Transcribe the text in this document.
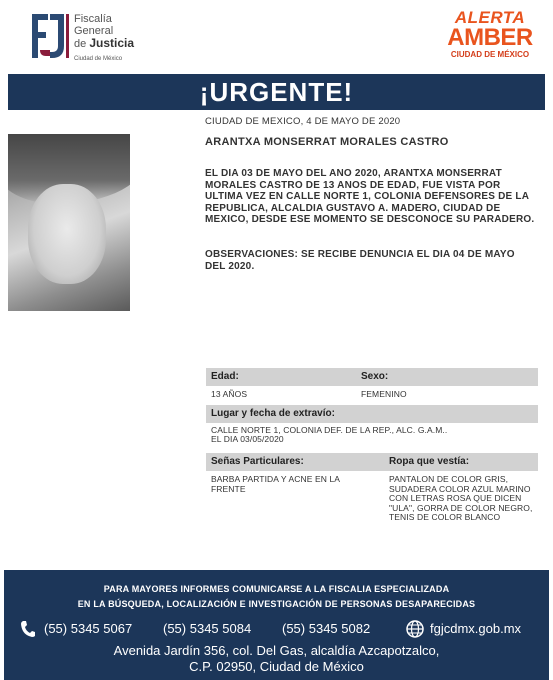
Fiscalía
General
de Justicia
Ciudad de México
ALERTA
AMBER
CIUDAD DE MÉXICO
¡URGENTE!
CIUDAD DE MEXICO, 4 DE MAYO DE 2020
ARANTXA MONSERRAT MORALES CASTRO
EL DIA 03 DE MAYO DEL ANO 2020, ARANTXA MONSERRAT MORALES CASTRO DE 13 ANOS DE EDAD, FUE VISTA POR ULTIMA VEZ EN CALLE NORTE 1, COLONIA DEFENSORES DE LA REPUBLICA, ALCALDIA GUSTAVO A. MADERO, CIUDAD DE MEXICO, DESDE ESE MOMENTO SE DESCONOCE SU PARADERO.
OBSERVACIONES: SE RECIBE DENUNCIA EL DIA 04 DE MAYO DEL 2020.
Edad:	Sexo:
13 AÑOS	FEMENINO
Lugar y fecha de extravío:
CALLE NORTE 1, COLONIA DEF. DE LA REP., ALC. G.A.M..
EL DIA 03/05/2020
Señas Particulares:	Ropa que vestía:
BARBA PARTIDA Y ACNE EN LA FRENTE
PANTALON DE COLOR GRIS, SUDADERA COLOR AZUL MARINO CON LETRAS ROSA QUE DICEN "ULA", GORRA DE COLOR NEGRO, TENIS DE COLOR BLANCO
PARA MAYORES INFORMES COMUNICARSE A LA FISCALIA ESPECIALIZADA
EN LA BÚSQUEDA, LOCALIZACIÓN E INVESTIGACIÓN DE PERSONAS DESAPARECIDAS
(55) 5345 5067 (55) 5345 5084 (55) 5345 5082	fgjcdmx.gob.mx
Avenida Jardín 356, col. Del Gas, alcaldía Azcapotzalco,
C.P. 02950, Ciudad de México
